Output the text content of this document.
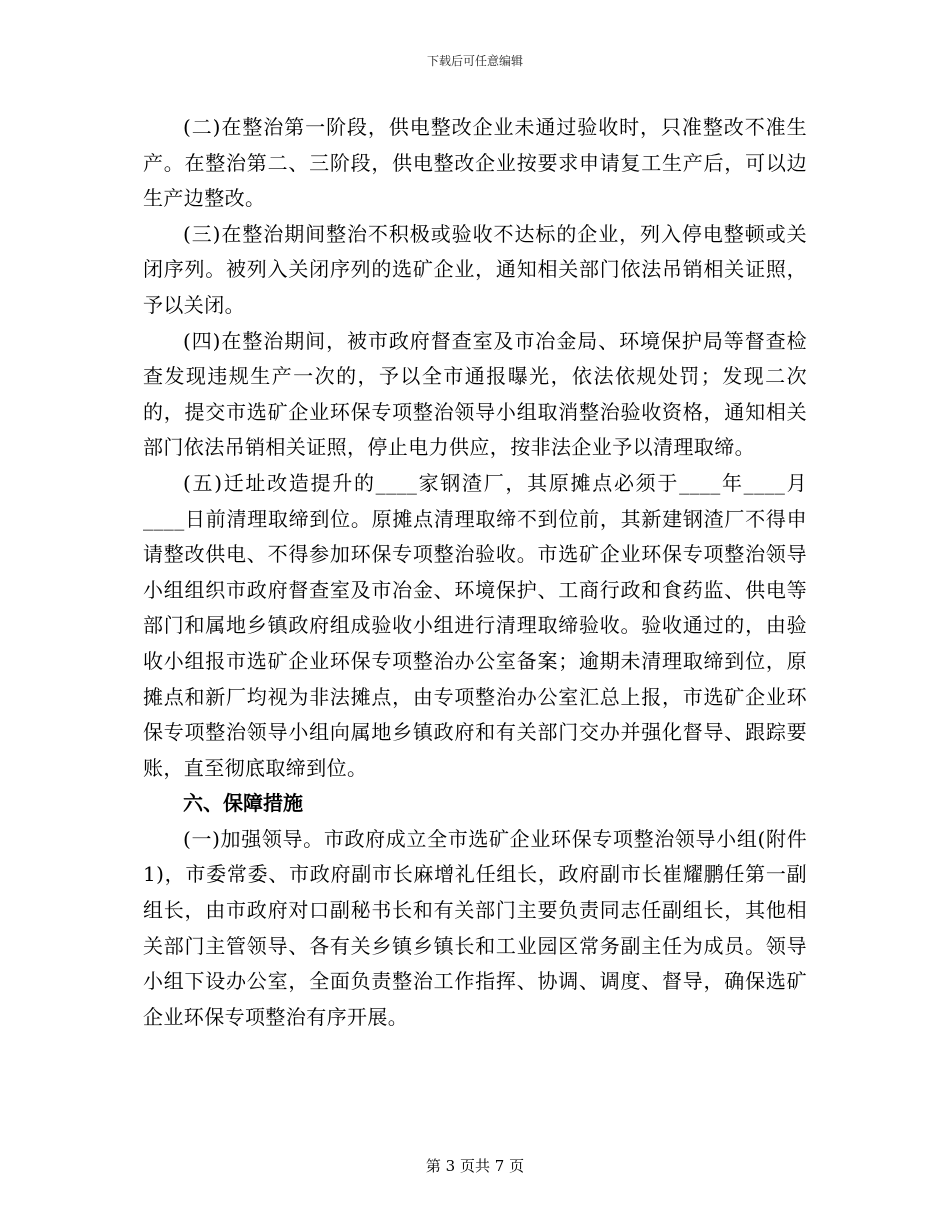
下载后可任意编辑

(二)在整治第一阶段，供电整改企业未通过验收时，只准整改不准生产。在整治第二、三阶段，供电整改企业按要求申请复工生产后，可以边生产边整改。

(三)在整治期间整治不积极或验收不达标的企业，列入停电整顿或关闭序列。被列入关闭序列的选矿企业，通知相关部门依法吊销相关证照，予以关闭。

(四)在整治期间，被市政府督查室及市冶金局、环境保护局等督查检查发现违规生产一次的，予以全市通报曝光，依法依规处罚；发现二次的，提交市选矿企业环保专项整治领导小组取消整治验收资格，通知相关部门依法吊销相关证照，停止电力供应，按非法企业予以清理取缔。

(五)迁址改造提升的____家钢渣厂，其原摊点必须于____年____月____日前清理取缔到位。原摊点清理取缔不到位前，其新建钢渣厂不得申请整改供电、不得参加环保专项整治验收。市选矿企业环保专项整治领导小组组织市政府督查室及市冶金、环境保护、工商行政和食药监、供电等部门和属地乡镇政府组成验收小组进行清理取缔验收。验收通过的，由验收小组报市选矿企业环保专项整治办公室备案；逾期未清理取缔到位，原摊点和新厂均视为非法摊点，由专项整治办公室汇总上报，市选矿企业环保专项整治领导小组向属地乡镇政府和有关部门交办并强化督导、跟踪要账，直至彻底取缔到位。

六、保障措施

(一)加强领导。市政府成立全市选矿企业环保专项整治领导小组(附件1)，市委常委、市政府副市长麻增礼任组长，政府副市长崔耀鹏任第一副组长，由市政府对口副秘书长和有关部门主要负责同志任副组长，其他相关部门主管领导、各有关乡镇乡镇长和工业园区常务副主任为成员。领导小组下设办公室，全面负责整治工作指挥、协调、调度、督导，确保选矿企业环保专项整治有序开展。

第 3 页共 7 页
